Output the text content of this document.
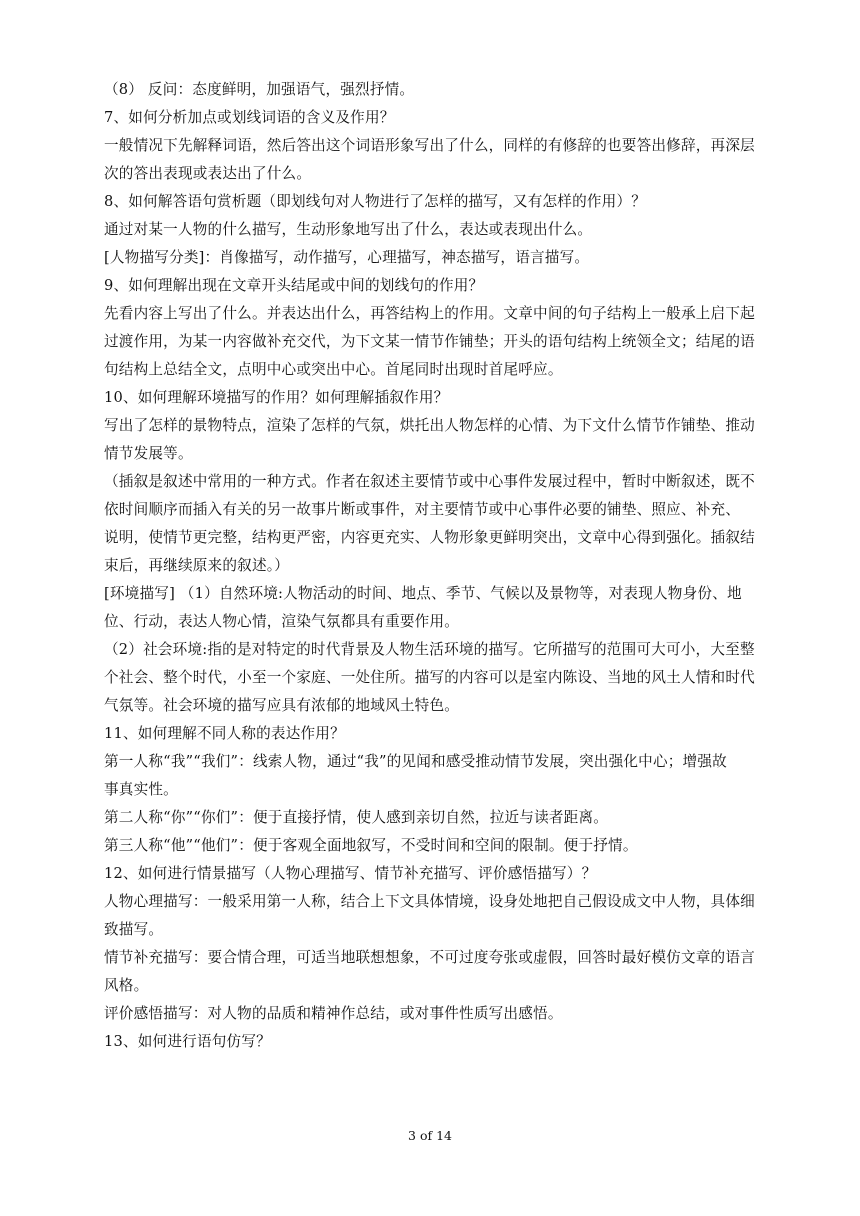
（8） 反问：态度鲜明，加强语气，强烈抒情。

7、如何分析加点或划线词语的含义及作用？

一般情况下先解释词语，然后答出这个词语形象写出了什么，同样的有修辞的也要答出修辞，再深层

次的答出表现或表达出了什么。

8、如何解答语句赏析题（即划线句对人物进行了怎样的描写，又有怎样的作用）？

通过对某一人物的什么描写，生动形象地写出了什么，表达或表现出什么。

[人物描写分类]：肖像描写，动作描写，心理描写，神态描写，语言描写。

9、如何理解出现在文章开头结尾或中间的划线句的作用？

先看内容上写出了什么。并表达出什么，再答结构上的作用。文章中间的句子结构上一般承上启下起

过渡作用，为某一内容做补充交代，为下文某一情节作铺垫；开头的语句结构上统领全文；结尾的语

句结构上总结全文，点明中心或突出中心。首尾同时出现时首尾呼应。

10、如何理解环境描写的作用？如何理解插叙作用？

写出了怎样的景物特点，渲染了怎样的气氛，烘托出人物怎样的心情、为下文什么情节作铺垫、推动

情节发展等。

（插叙是叙述中常用的一种方式。作者在叙述主要情节或中心事件发展过程中，暂时中断叙述，既不

依时间顺序而插入有关的另一故事片断或事件，对主要情节或中心事件必要的铺垫、照应、补充、

说明，使情节更完整，结构更严密，内容更充实、人物形象更鲜明突出，文章中心得到强化。插叙结

束后，再继续原来的叙述。）

[环境描写] （1）自然环境:人物活动的时间、地点、季节、气候以及景物等，对表现人物身份、地

位、行动，表达人物心情，渲染气氛都具有重要作用。

（2）社会环境:指的是对特定的时代背景及人物生活环境的描写。它所描写的范围可大可小，大至整

个社会、整个时代，小至一个家庭、一处住所。描写的内容可以是室内陈设、当地的风土人情和时代

气氛等。社会环境的描写应具有浓郁的地域风土特色。

11、如何理解不同人称的表达作用？

第一人称“我”“我们”：线索人物，通过“我”的见闻和感受推动情节发展，突出强化中心；增强故

事真实性。

第二人称“你”“你们”：便于直接抒情，使人感到亲切自然，拉近与读者距离。

第三人称“他”“他们”：便于客观全面地叙写，不受时间和空间的限制。便于抒情。

12、如何进行情景描写（人物心理描写、情节补充描写、评价感悟描写）？

人物心理描写：一般采用第一人称，结合上下文具体情境，设身处地把自己假设成文中人物，具体细

致描写。

情节补充描写：要合情合理，可适当地联想想象，不可过度夸张或虚假，回答时最好模仿文章的语言

风格。

评价感悟描写：对人物的品质和精神作总结，或对事件性质写出感悟。

13、如何进行语句仿写？

3 of 14
